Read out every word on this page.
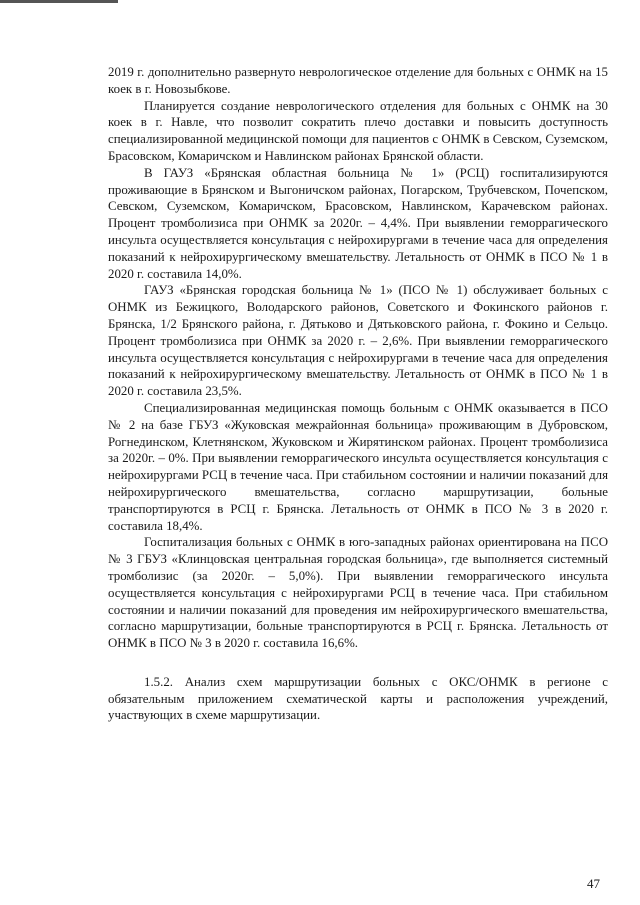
2019 г. дополнительно развернуто неврологическое отделение для больных с ОНМК на 15 коек в г. Новозыбкове.

Планируется создание неврологического отделения для больных с ОНМК на 30 коек в г. Навле, что позволит сократить плечо доставки и повысить доступность специализированной медицинской помощи для пациентов с ОНМК в Севском, Суземском, Брасовском, Комаричском и Навлинском районах Брянской области.

В ГАУЗ «Брянская областная больница № 1» (РСЦ) госпитализируются проживающие в Брянском и Выгоничском районах, Погарском, Трубчевском, Почепском, Севском, Суземском, Комаричском, Брасовском, Навлинском, Карачевском районах. Процент тромболизиса при ОНМК за 2020г. – 4,4%. При выявлении геморрагического инсульта осуществляется консультация с нейрохирургами в течение часа для определения показаний к нейрохирургическому вмешательству. Летальность от ОНМК в ПСО № 1 в 2020 г. составила 14,0%.

ГАУЗ «Брянская городская больница № 1» (ПСО № 1) обслуживает больных с ОНМК из Бежицкого, Володарского районов, Советского и Фокинского районов г. Брянска, 1/2 Брянского района, г. Дятьково и Дятьковского района, г. Фокино и Сельцо. Процент тромболизиса при ОНМК за 2020 г. – 2,6%. При выявлении геморрагического инсульта осуществляется консультация с нейрохирургами в течение часа для определения показаний к нейрохирургическому вмешательству. Летальность от ОНМК в ПСО № 1 в 2020 г. составила 23,5%.

Специализированная медицинская помощь больным с ОНМК оказывается в ПСО № 2 на базе ГБУЗ «Жуковская межрайонная больница» проживающим в Дубровском, Рогнединском, Клетнянском, Жуковском и Жирятинском районах. Процент тромболизиса за 2020г. – 0%. При выявлении геморрагического инсульта осуществляется консультация с нейрохирургами РСЦ в течение часа. При стабильном состоянии и наличии показаний для нейрохирургического вмешательства, согласно маршрутизации, больные транспортируются в РСЦ г. Брянска. Летальность от ОНМК в ПСО № 3 в 2020 г. составила 18,4%.

Госпитализация больных с ОНМК в юго-западных районах ориентирована на ПСО № 3 ГБУЗ «Клинцовская центральная городская больница», где выполняется системный тромболизис (за 2020г. – 5,0%). При выявлении геморрагического инсульта осуществляется консультация с нейрохирургами РСЦ в течение часа. При стабильном состоянии и наличии показаний для проведения им нейрохирургического вмешательства, согласно маршрутизации, больные транспортируются в РСЦ г. Брянска. Летальность от ОНМК в ПСО № 3 в 2020 г. составила 16,6%.

1.5.2. Анализ схем маршрутизации больных с ОКС/ОНМК в регионе с обязательным приложением схематической карты и расположения учреждений, участвующих в схеме маршрутизации.

47
